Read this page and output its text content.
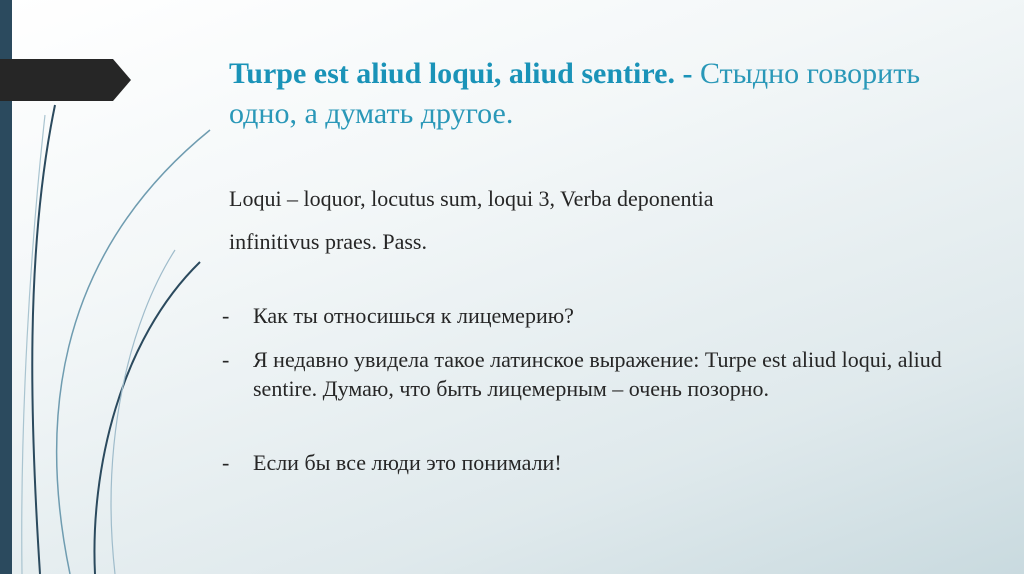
Turpe est aliud loqui, aliud sentire. - Стыдно говорить одно, а думать другое.
Loqui – loquor, locutus sum, loqui 3, Verba deponentia
infinitivus praes. Pass.
-	Как ты относишься к лицемерию?
-	Я недавно увидела такое латинское выражение: Turpe est aliud loqui, aliud sentire. Думаю, что быть лицемерным – очень позорно.
-	Если бы все люди это понимали!
